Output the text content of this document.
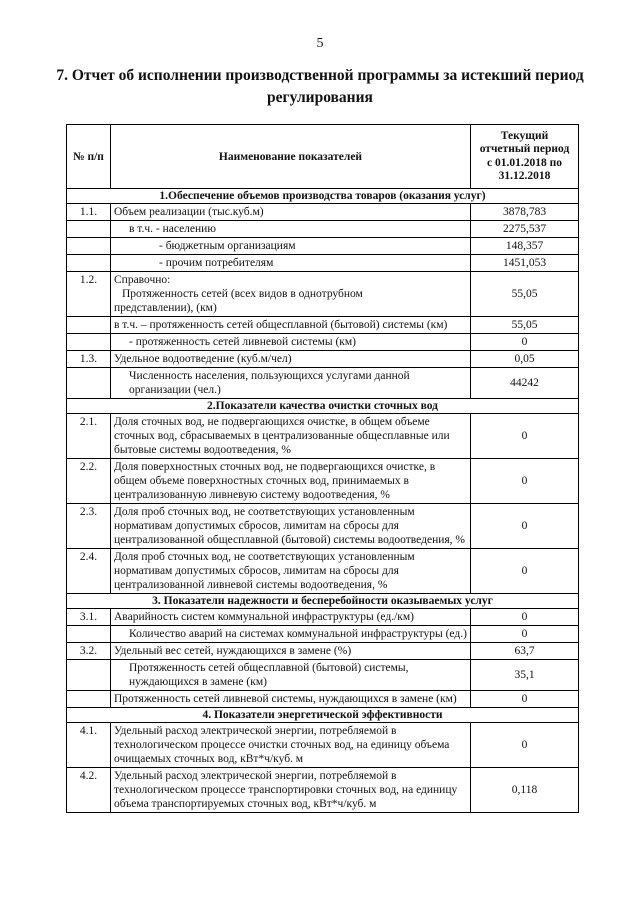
5
7. Отчет об исполнении производственной программы за истекший период
регулирования
№ п/п	Наименование показателей	Текущий
отчетный период
с 01.01.2018 по
31.12.2018

1.Обеспечение объемов производства товаров (оказания услуг)		
1.1.	Объем реализации (тыс.куб.м)	3878,783
	в т.ч. - населению	2275,537
	- бюджетным организациям	148,357
	- прочим потребителям	1451,053
1.2.	Справочно:
Протяженность сетей (всех видов в однотрубном
представлении), (км)	55,05
	в т.ч. – протяженность сетей общесплавной (бытовой) системы (км)	55,05
	- протяженность сетей ливневой системы (км)	0
1.3.	Удельное водоотведение (куб.м/чел)	0,05
	Численность населения, пользующихся услугами данной организации (чел.)	44242
2.Показатели качества очистки сточных вод		
2.1.	Доля сточных вод, не подвергающихся очистке, в общем объеме сточных вод, сбрасываемых в централизованные общесплавные или бытовые системы водоотведения, %	0
2.2.	Доля поверхностных сточных вод, не подвергающихся очистке, в общем объеме поверхностных сточных вод, принимаемых в централизованную ливневую систему водоотведения, %	0
2.3.	Доля проб сточных вод, не соответствующих установленным нормативам допустимых сбросов, лимитам на сбросы для централизованной общесплавной (бытовой) системы водоотведения, %	0
2.4.	Доля проб сточных вод, не соответствующих установленным нормативам допустимых сбросов, лимитам на сбросы для централизованной ливневой системы водоотведения, %	0
3. Показатели надежности и бесперебойности оказываемых услуг		
3.1.	Аварийность систем коммунальной инфраструктуры (ед./км)	0
	Количество аварий на системах коммунальной инфраструктуры (ед.)	0
3.2.	Удельный вес сетей, нуждающихся в замене (%)	63,7
	Протяженность сетей общесплавной (бытовой) системы, нуждающихся в замене (км)	35,1
	Протяженность сетей ливневой системы, нуждающихся в замене (км)	0
4. Показатели энергетической эффективности		
4.1.	Удельный расход электрической энергии, потребляемой в технологическом процессе очистки сточных вод, на единицу объема очищаемых сточных вод, кВт*ч/куб. м	0
4.2.	Удельный расход электрической энергии, потребляемой в технологическом процессе транспортировки сточных вод, на единицу объема транспортируемых сточных вод, кВт*ч/куб. м	0,118
